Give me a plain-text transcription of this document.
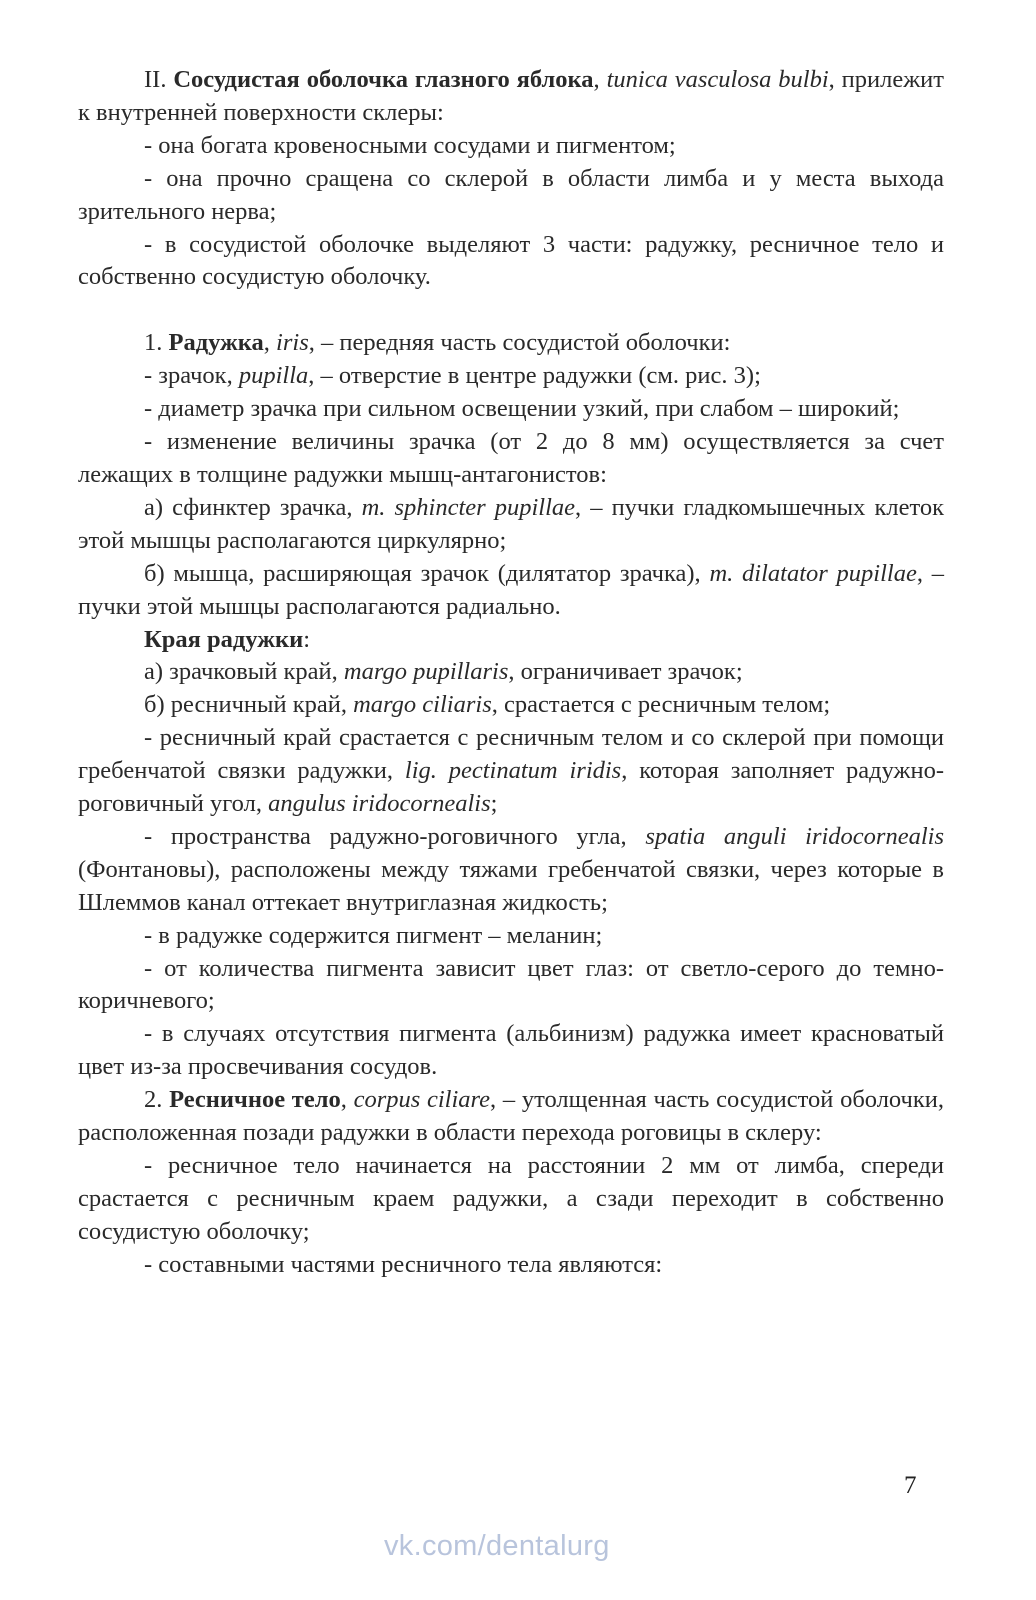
II. Сосудистая оболочка глазного яблока, tunica vasculosa bulbi, прилежит к внутренней поверхности склеры:

- она богата кровеносными сосудами и пигментом;

- она прочно сращена со склерой в области лимба и у места выхода зрительного нерва;

- в сосудистой оболочке выделяют 3 части: радужку, ресничное тело и собственно сосудистую оболочку.

1. Радужка, iris, – передняя часть сосудистой оболочки:

- зрачок, pupilla, – отверстие в центре радужки (см. рис. 3);

- диаметр зрачка при сильном освещении узкий, при слабом – широкий;

- изменение величины зрачка (от 2 до 8 мм) осуществляется за счет лежащих в толщине радужки мышц-антагонистов:

а) сфинктер зрачка, m. sphincter pupillae, – пучки гладкомышечных клеток этой мышцы располагаются циркулярно;

б) мышца, расширяющая зрачок (дилятатор зрачка), m. dilatator pupillae, – пучки этой мышцы располагаются радиально.

Края радужки:

а) зрачковый край, margo pupillaris, ограничивает зрачок;

б) ресничный край, margo ciliaris, срастается с ресничным телом;

- ресничный край срастается с ресничным телом и со склерой при помощи гребенчатой связки радужки, lig. pectinatum iridis, которая заполняет радужно-роговичный угол, angulus iridocornealis;

- пространства радужно-роговичного угла, spatia anguli iridocornealis (Фонтановы), расположены между тяжами гребенчатой связки, через которые в Шлеммов канал оттекает внутриглазная жидкость;

- в радужке содержится пигмент – меланин;

- от количества пигмента зависит цвет глаз: от светло-серого до темно-коричневого;

- в случаях отсутствия пигмента (альбинизм) радужка имеет красноватый цвет из-за просвечивания сосудов.

2. Ресничное тело, corpus ciliare, – утолщенная часть сосудистой оболочки, расположенная позади радужки в области перехода роговицы в склеру:

- ресничное тело начинается на расстоянии 2 мм от лимба, спереди срастается с ресничным краем радужки, а сзади переходит в собственно сосудистую оболочку;

- составными частями ресничного тела являются:

7
vk.com/dentalurg
